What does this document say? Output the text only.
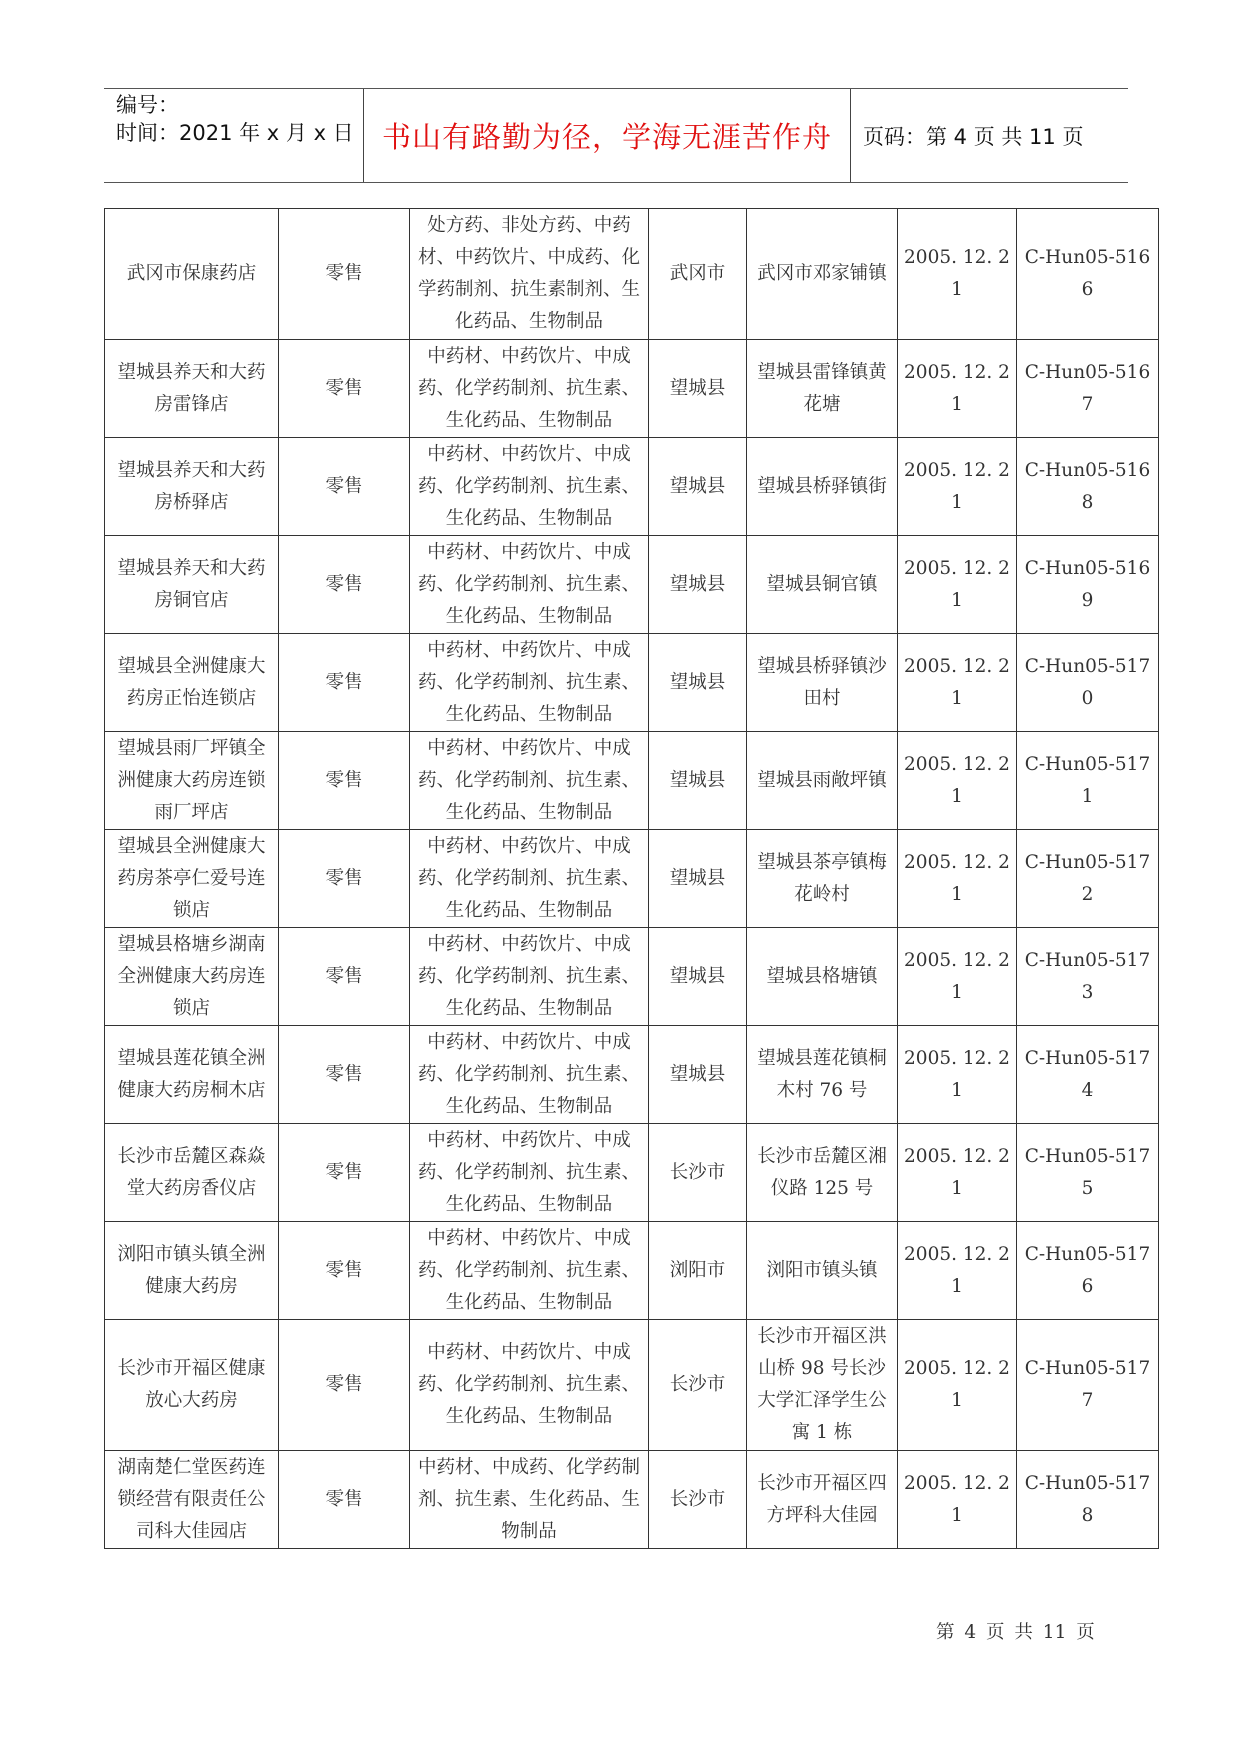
编号：
时间：2021 年 x 月 x 日 书山有路勤为径，学海无涯苦作舟	页码：第 4 页 共 11 页
武冈市保康药店	零售	处方药、非处方药、中药材、中药饮片、中成药、化学药制剂、抗生素制剂、生化药品、生物制品	武冈市	武冈市邓家铺镇	2005. 12. 21	C-Hun05-5166
望城县养天和大药房雷锋店	零售	中药材、中药饮片、中成药、化学药制剂、抗生素、生化药品、生物制品	望城县	望城县雷锋镇黄花塘	2005. 12. 21	C-Hun05-5167
望城县养天和大药房桥驿店	零售	中药材、中药饮片、中成药、化学药制剂、抗生素、生化药品、生物制品	望城县	望城县桥驿镇街	2005. 12. 21	C-Hun05-5168
望城县养天和大药房铜官店	零售	中药材、中药饮片、中成药、化学药制剂、抗生素、生化药品、生物制品	望城县	望城县铜官镇	2005. 12. 21	C-Hun05-5169
望城县全洲健康大药房正怡连锁店	零售	中药材、中药饮片、中成药、化学药制剂、抗生素、生化药品、生物制品	望城县	望城县桥驿镇沙田村	2005. 12. 21	C-Hun05-5170
望城县雨厂坪镇全洲健康大药房连锁雨厂坪店	零售	中药材、中药饮片、中成药、化学药制剂、抗生素、生化药品、生物制品	望城县	望城县雨敞坪镇	2005. 12. 21	C-Hun05-5171
望城县全洲健康大药房茶亭仁爱号连锁店	零售	中药材、中药饮片、中成药、化学药制剂、抗生素、生化药品、生物制品	望城县	望城县茶亭镇梅花岭村	2005. 12. 21	C-Hun05-5172
望城县格塘乡湖南全洲健康大药房连锁店	零售	中药材、中药饮片、中成药、化学药制剂、抗生素、生化药品、生物制品	望城县	望城县格塘镇	2005. 12. 21	C-Hun05-5173
望城县莲花镇全洲健康大药房桐木店	零售	中药材、中药饮片、中成药、化学药制剂、抗生素、生化药品、生物制品	望城县	望城县莲花镇桐木村 76 号	2005. 12. 21	C-Hun05-5174
长沙市岳麓区森焱堂大药房香仪店	零售	中药材、中药饮片、中成药、化学药制剂、抗生素、生化药品、生物制品	长沙市	长沙市岳麓区湘仪路 125 号	2005. 12. 21	C-Hun05-5175
浏阳市镇头镇全洲健康大药房	零售	中药材、中药饮片、中成药、化学药制剂、抗生素、生化药品、生物制品	浏阳市	浏阳市镇头镇	2005. 12. 21	C-Hun05-5176
长沙市开福区健康放心大药房	零售	中药材、中药饮片、中成药、化学药制剂、抗生素、生化药品、生物制品	长沙市	长沙市开福区洪山桥 98 号长沙大学汇泽学生公寓 1 栋	2005. 12. 21	C-Hun05-5177
湖南楚仁堂医药连锁经营有限责任公司科大佳园店	零售	中药材、中成药、化学药制剂、抗生素、生化药品、生物制品	长沙市	长沙市开福区四方坪科大佳园	2005. 12. 21	C-Hun05-5178
第 4 页 共 11 页
